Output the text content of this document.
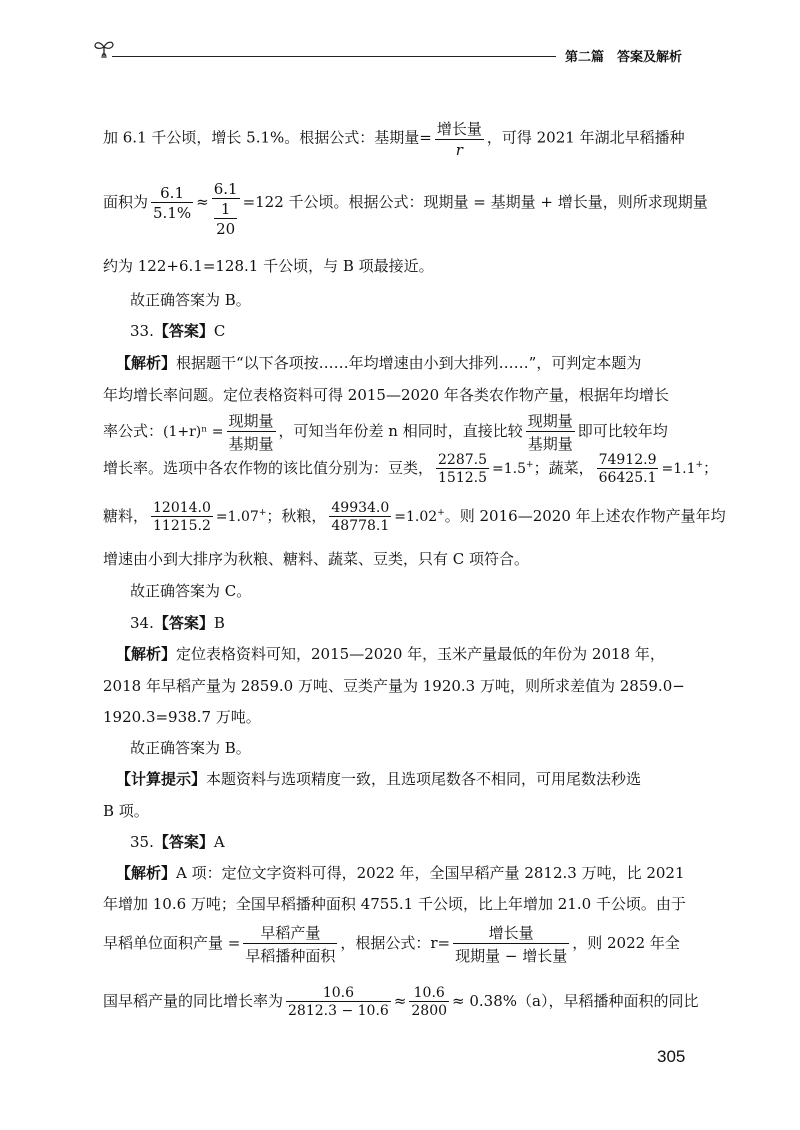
第二篇　答案及解析
加 6.1 千公顷，增长 5.1%。根据公式：基期量= $\frac{\text{增长量}}{r}$ ，可得 2021 年湖北早稻播种
面积为 $\frac{6.1}{5.1\%} \approx \frac{6.1}{\frac{1}{20}} =122$ 千公顷。根据公式：现期量 = 基期量 + 增长量，则所求现期量
约为 122+6.1=128.1 千公顷，与 B 项最接近。
故正确答案为 B。
33.【答案】C
【解析】根据题干“以下各项按……年均增速由小到大排列……”，可判定本题为
年均增长率问题。定位表格资料可得 2015—2020 年各类农作物产量，根据年均增长
率公式：$(1+r)^n = \frac{\text{现期量}}{\text{基期量}}$ ，可知当年份差 n 相同时，直接比较 $\frac{\text{现期量}}{\text{基期量}}$ 即可比较年均
增长率。选项中各农作物的该比值分别为：豆类， $\frac{2287.5}{1512.5} =1.5^+$；蔬菜， $\frac{74912.9}{66425.1} =1.1^+$；
糖料， $\frac{12014.0}{11215.2} =1.07^+$；秋粮， $\frac{49934.0}{48778.1} =1.02^+$。则 2016—2020 年上述农作物产量年均
增速由小到大排序为秋粮、糖料、蔬菜、豆类，只有 C 项符合。
故正确答案为 C。
34.【答案】B
【解析】定位表格资料可知，2015—2020 年，玉米产量最低的年份为 2018 年，
2018 年早稻产量为 2859.0 万吨、豆类产量为 1920.3 万吨，则所求差值为 2859.0−
1920.3=938.7 万吨。
故正确答案为 B。
【计算提示】本题资料与选项精度一致，且选项尾数各不相同，可用尾数法秒选
B 项。
35.【答案】A
【解析】A 项：定位文字资料可得，2022 年，全国早稻产量 2812.3 万吨，比 2021
年增加 10.6 万吨；全国早稻播种面积 4755.1 千公顷，比上年增加 21.0 千公顷。由于
早稻单位面积产量 = $\frac{\text{早稻产量}}{\text{早稻播种面积}}$ ，根据公式：$r= \frac{\text{增长量}}{\text{现期量 − 增长量}}$ ，则 2022 年全
国早稻产量的同比增长率为 $\frac{10.6}{2812.3 - 10.6} \approx \frac{10.6}{2800} \approx 0.38\%(a)$，早稻播种面积的同比
305
